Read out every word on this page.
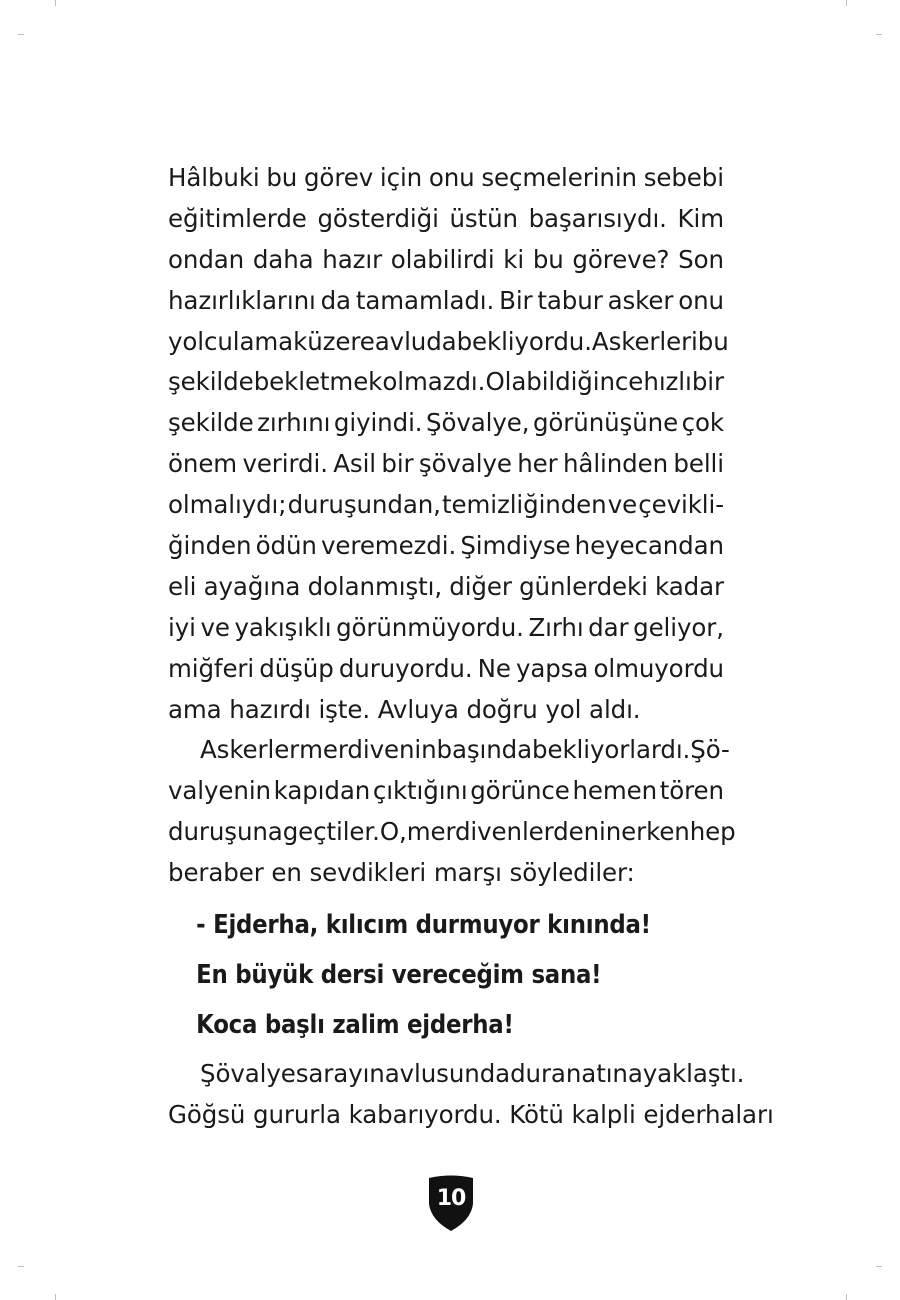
Hâlbuki bu görev için onu seçmelerinin sebebi
eğitimlerde gösterdiği üstün başarısıydı. Kim
ondan daha hazır olabilirdi ki bu göreve? Son
hazırlıklarını da tamamladı. Bir tabur asker onu
yolculamak üzere avluda bekliyordu. Askerleri bu
şekilde bekletmek olmazdı. Olabildiğince hızlı bir
şekilde zırhını giyindi. Şövalye, görünüşüne çok
önem verirdi. Asil bir şövalye her hâlinden belli
olmalıydı; duruşundan, temizliğinden ve çevikli-
ğinden ödün veremezdi. Şimdiyse heyecandan
eli ayağına dolanmıştı, diğer günlerdeki kadar
iyi ve yakışıklı görünmüyordu. Zırhı dar geliyor,
miğferi düşüp duruyordu. Ne yapsa olmuyordu
ama hazırdı işte. Avluya doğru yol aldı.
Askerler merdivenin başında bekliyorlardı. Şö-
valyenin kapıdan çıktığını görünce hemen tören
duruşuna geçtiler. O, merdivenlerden inerken hep
beraber en sevdikleri marşı söylediler:
- Ejderha, kılıcım durmuyor kınında!
En büyük dersi vereceğim sana!
Koca başlı zalim ejderha!
Şövalye sarayın avlusunda duran atına yaklaştı.
Göğsü gururla kabarıyordu. Kötü kalpli ejderhaları
10
